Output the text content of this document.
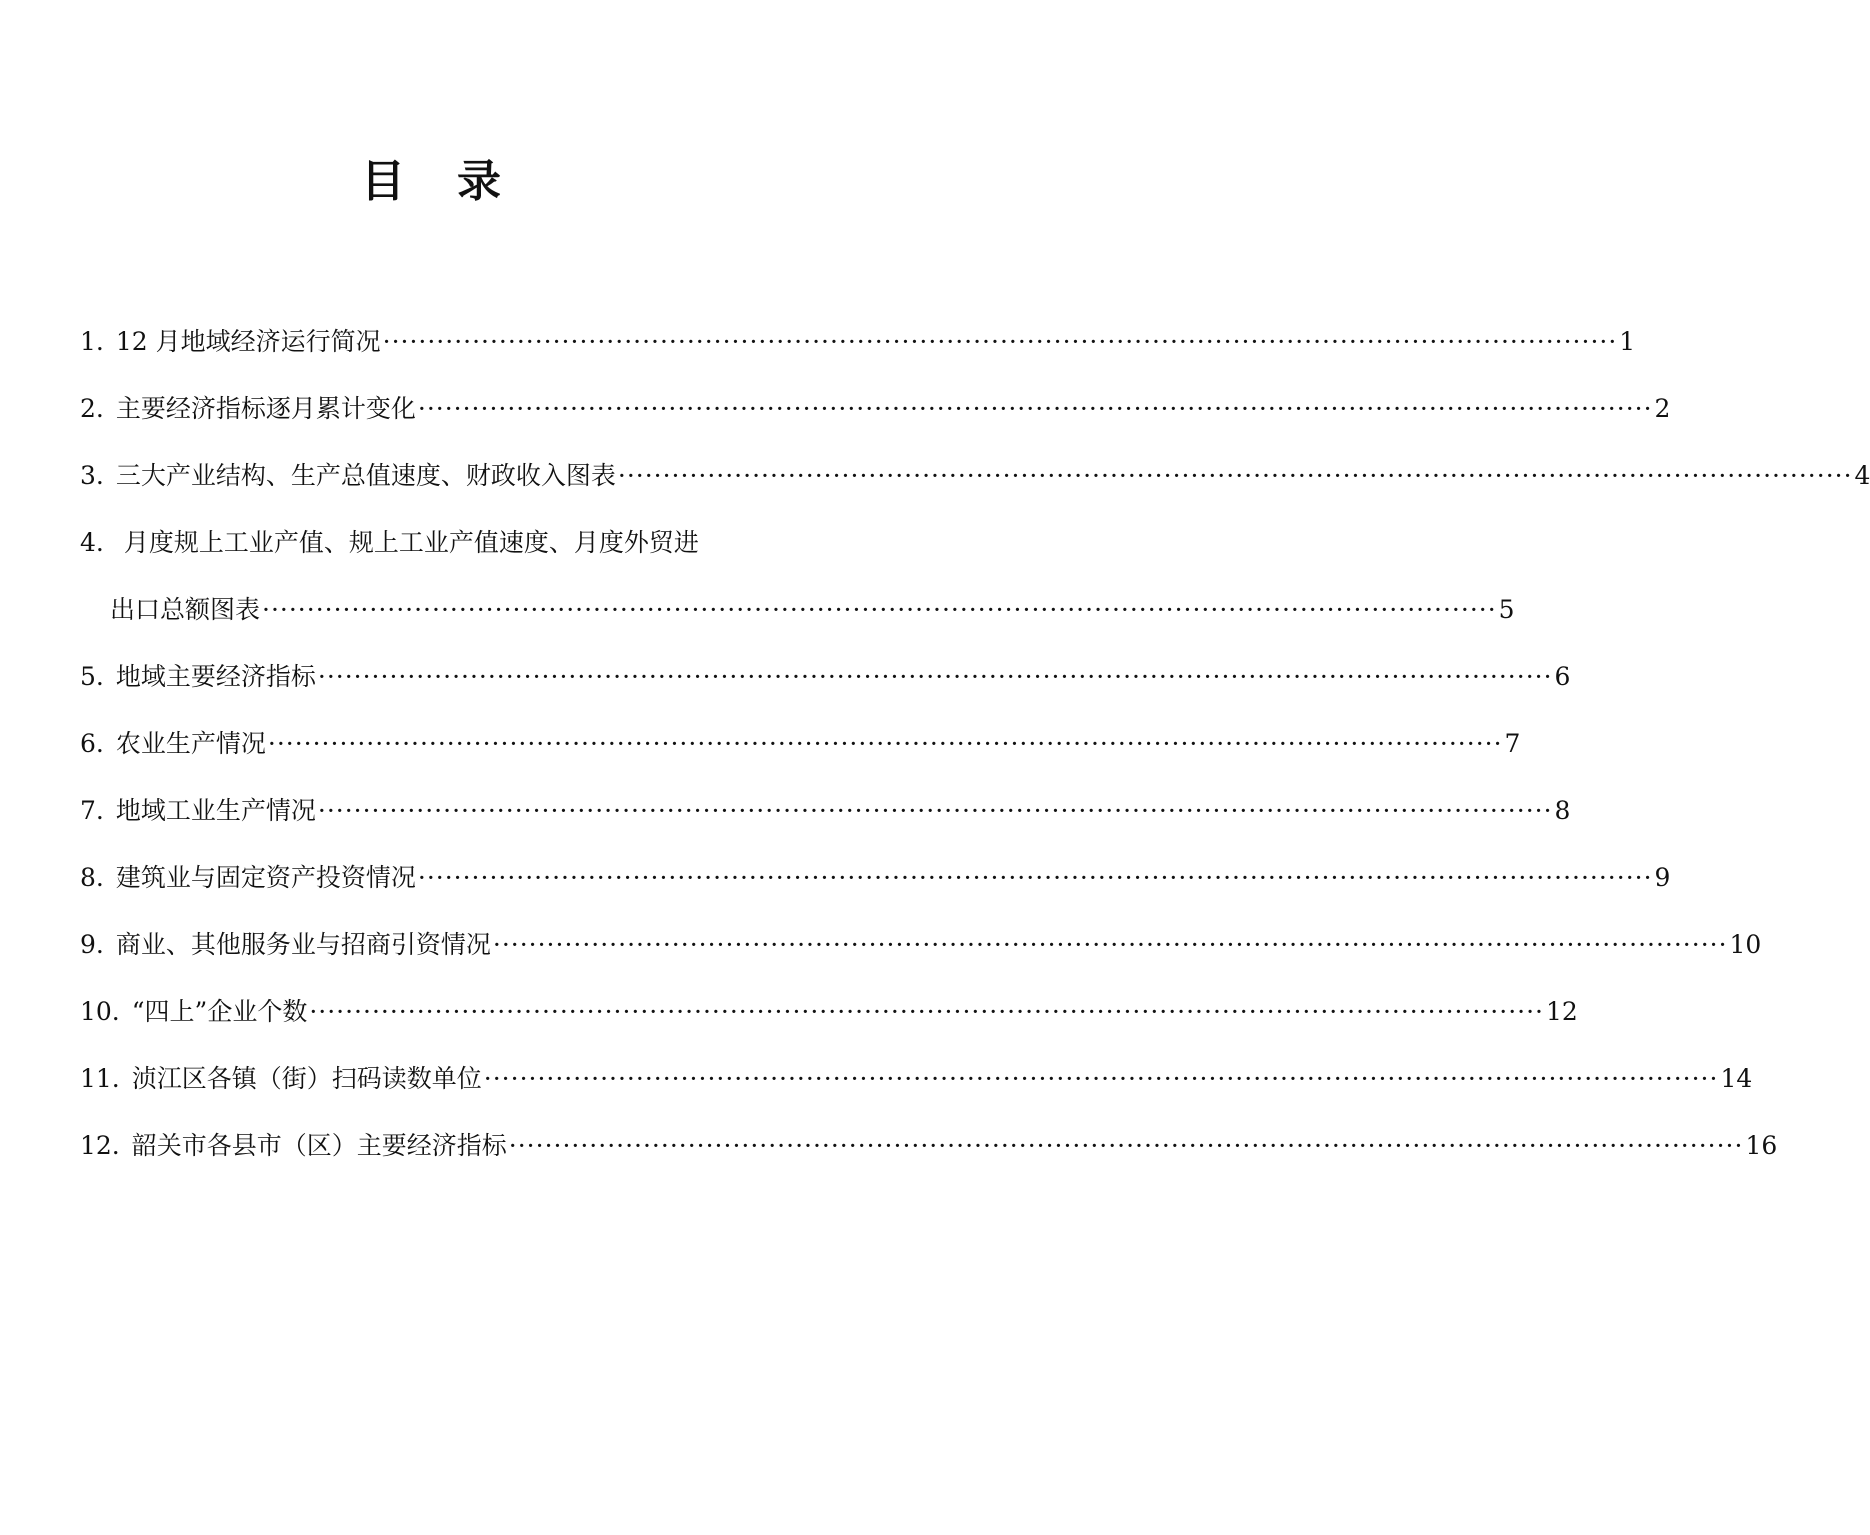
目　录
1. 12 月地域经济运行简况 ·········································································································································· 1
2. 主要经济指标逐月累计变化 ·········································································································································· 2
3. 三大产业结构、生产总值速度、财政收入图表 ·········································································································································· 4
4. 月度规上工业产值、规上工业产值速度、月度外贸进
出口总额图表 ·········································································································································· 5
5. 地域主要经济指标 ·········································································································································· 6
6. 农业生产情况 ·········································································································································· 7
7. 地域工业生产情况 ·········································································································································· 8
8. 建筑业与固定资产投资情况 ·········································································································································· 9
9. 商业、其他服务业与招商引资情况 ·········································································································································· 10
10. “四上”企业个数 ·········································································································································· 12
11. 浈江区各镇（街）扫码读数单位 ·········································································································································· 14
12. 韶关市各县市（区）主要经济指标 ·········································································································································· 16
